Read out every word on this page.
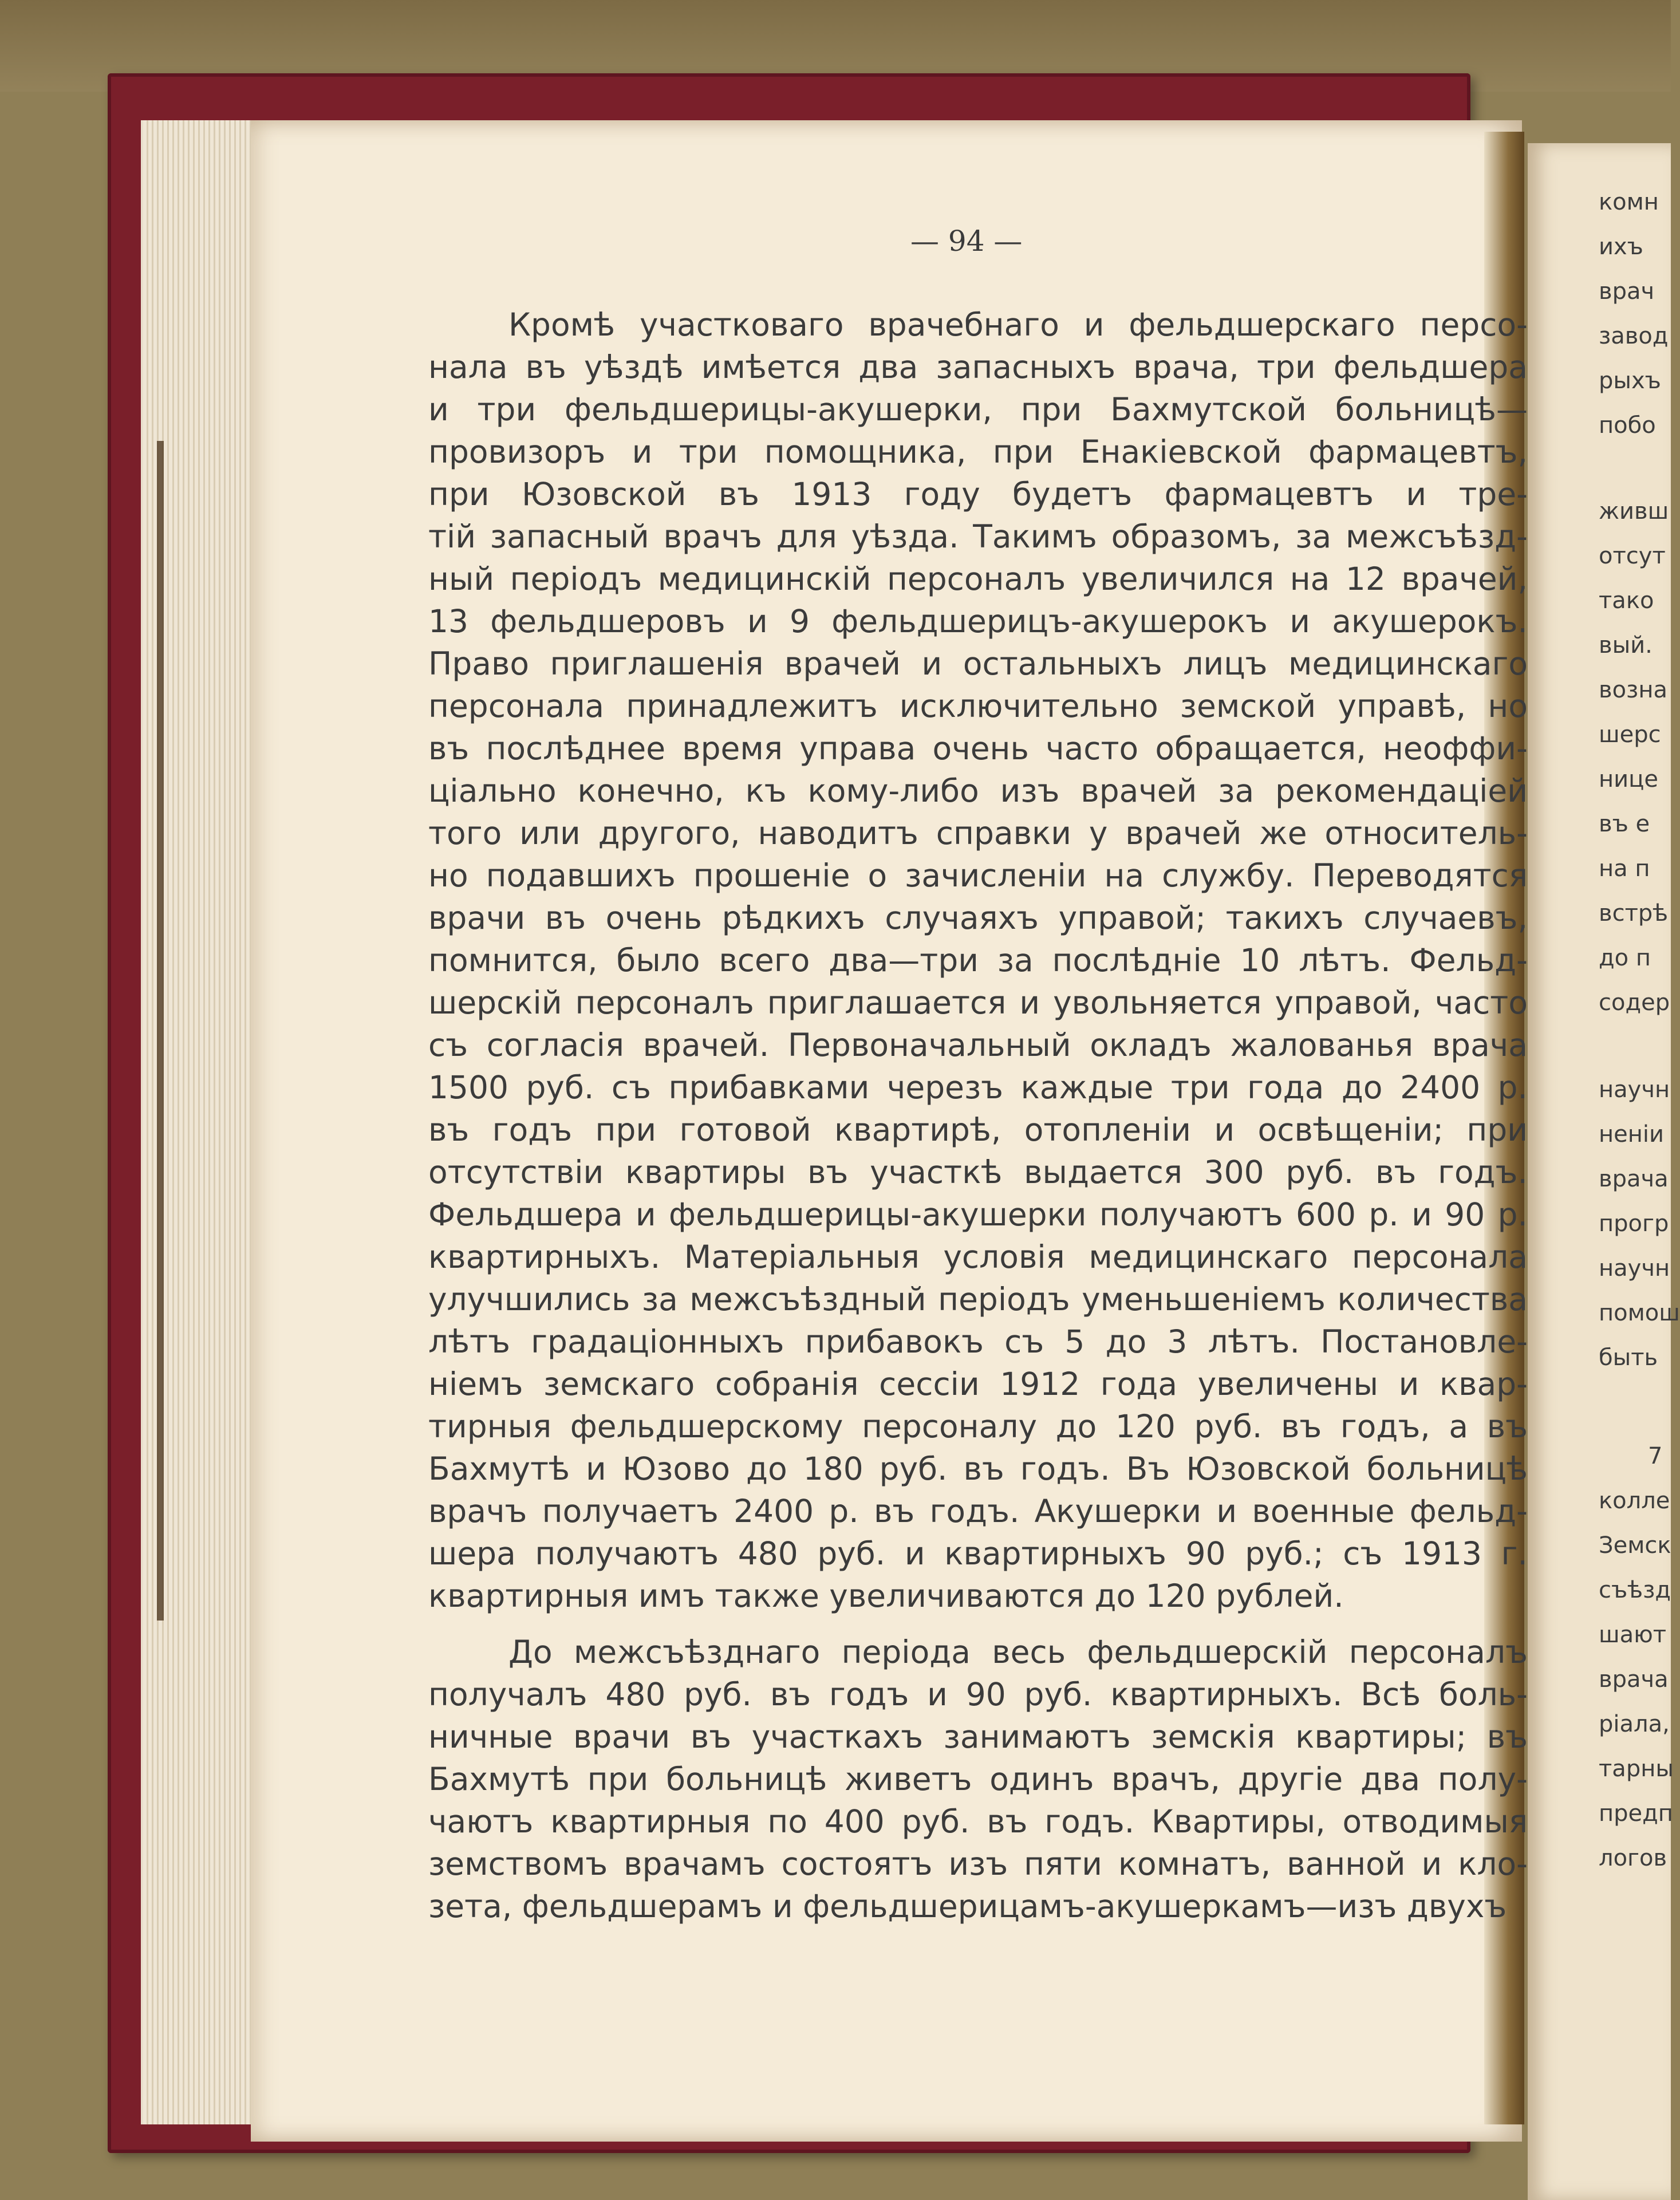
комн
ихъ
врач
завод
рыхъ
побо
живш
отсут
тако
вый.
возна
шерс
нице
въ е
на п
встрѣ
до п
содер
научн
неніи
врача
прогр
научн
помош
быть
7
колле
Земск
съѣзд
шают
врача
ріала,
тарны
предп
логов
— 94 —
Кромѣ участковаго врачебнаго и фельдшерскаго персо-
нала въ уѣздѣ имѣется два запасныхъ врача, три фельдшера
и три фельдшерицы-акушерки, при Бахмутской больницѣ—
провизоръ и три помощника, при Енакіевской фармацевтъ,
при Юзовской въ 1913 году будетъ фармацевтъ и тре-
тій запасный врачъ для уѣзда. Такимъ образомъ, за межсъѣзд-
ный періодъ медицинскій персоналъ увеличился на 12 врачей,
13 фельдшеровъ и 9 фельдшерицъ-акушерокъ и акушерокъ.
Право приглашенія врачей и остальныхъ лицъ медицинскаго
персонала принадлежитъ исключительно земской управѣ, но
въ послѣднее время управа очень часто обращается, неоффи-
ціально конечно, къ кому-либо изъ врачей за рекомендаціей
того или другого, наводитъ справки у врачей же относитель-
но подавшихъ прошеніе о зачисленіи на службу. Переводятся
врачи въ очень рѣдкихъ случаяхъ управой; такихъ случаевъ,
помнится, было всего два—три за послѣдніе 10 лѣтъ. Фельд-
шерскій персоналъ приглашается и увольняется управой, часто
съ согласія врачей. Первоначальный окладъ жалованья врача
1500 руб. съ прибавками черезъ каждые три года до 2400 р.
въ годъ при готовой квартирѣ, отопленіи и освѣщеніи; при
отсутствіи квартиры въ участкѣ выдается 300 руб. въ годъ.
Фельдшера и фельдшерицы-акушерки получаютъ 600 р. и 90 р.
квартирныхъ. Матеріальныя условія медицинскаго персонала
улучшились за межсъѣздный періодъ уменьшеніемъ количества
лѣтъ градаціонныхъ прибавокъ съ 5 до 3 лѣтъ. Постановле-
ніемъ земскаго собранія сессіи 1912 года увеличены и квар-
тирныя фельдшерскому персоналу до 120 руб. въ годъ, а въ
Бахмутѣ и Юзово до 180 руб. въ годъ. Въ Юзовской больницѣ
врачъ получаетъ 2400 р. въ годъ. Акушерки и военные фельд-
шера получаютъ 480 руб. и квартирныхъ 90 руб.; съ 1913 г.
квартирныя имъ также увеличиваются до 120 рублей.
До межсъѣзднаго періода весь фельдшерскій персоналъ
получалъ 480 руб. въ годъ и 90 руб. квартирныхъ. Всѣ боль-
ничные врачи въ участкахъ занимаютъ земскія квартиры; въ
Бахмутѣ при больницѣ живетъ одинъ врачъ, другіе два полу-
чаютъ квартирныя по 400 руб. въ годъ. Квартиры, отводимыя
земствомъ врачамъ состоятъ изъ пяти комнатъ, ванной и кло-
зета, фельдшерамъ и фельдшерицамъ-акушеркамъ—изъ двухъ
